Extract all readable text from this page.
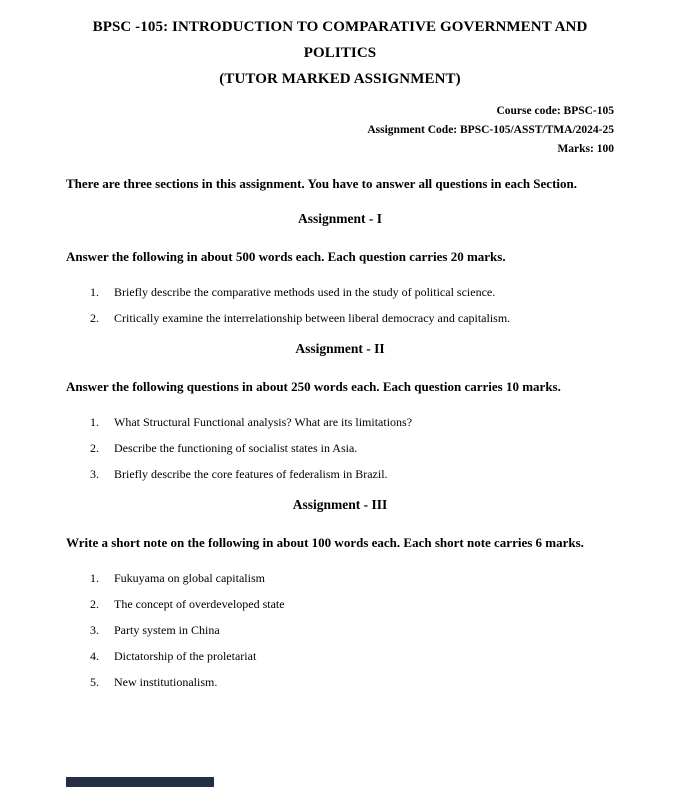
BPSC -105: INTRODUCTION TO COMPARATIVE GOVERNMENT AND POLITICS
(TUTOR MARKED ASSIGNMENT)
Course code: BPSC-105
Assignment Code: BPSC-105/ASST/TMA/2024-25
Marks: 100

There are three sections in this assignment. You have to answer all questions in each Section.

Assignment - I

Answer the following in about 500 words each. Each question carries 20 marks.

1.	Briefly describe the comparative methods used in the study of political science.
2.	Critically examine the interrelationship between liberal democracy and capitalism.
Assignment - II

Answer the following questions in about 250 words each. Each question carries 10 marks.

1.	What Structural Functional analysis? What are its limitations?
2.	Describe the functioning of socialist states in Asia.
3.	Briefly describe the core features of federalism in Brazil.
Assignment - III

Write a short note on the following in about 100 words each. Each short note carries 6 marks.

1.	Fukuyama on global capitalism
2.	The concept of overdeveloped state
3.	Party system in China
4.	Dictatorship of the proletariat
5.	New institutionalism.
